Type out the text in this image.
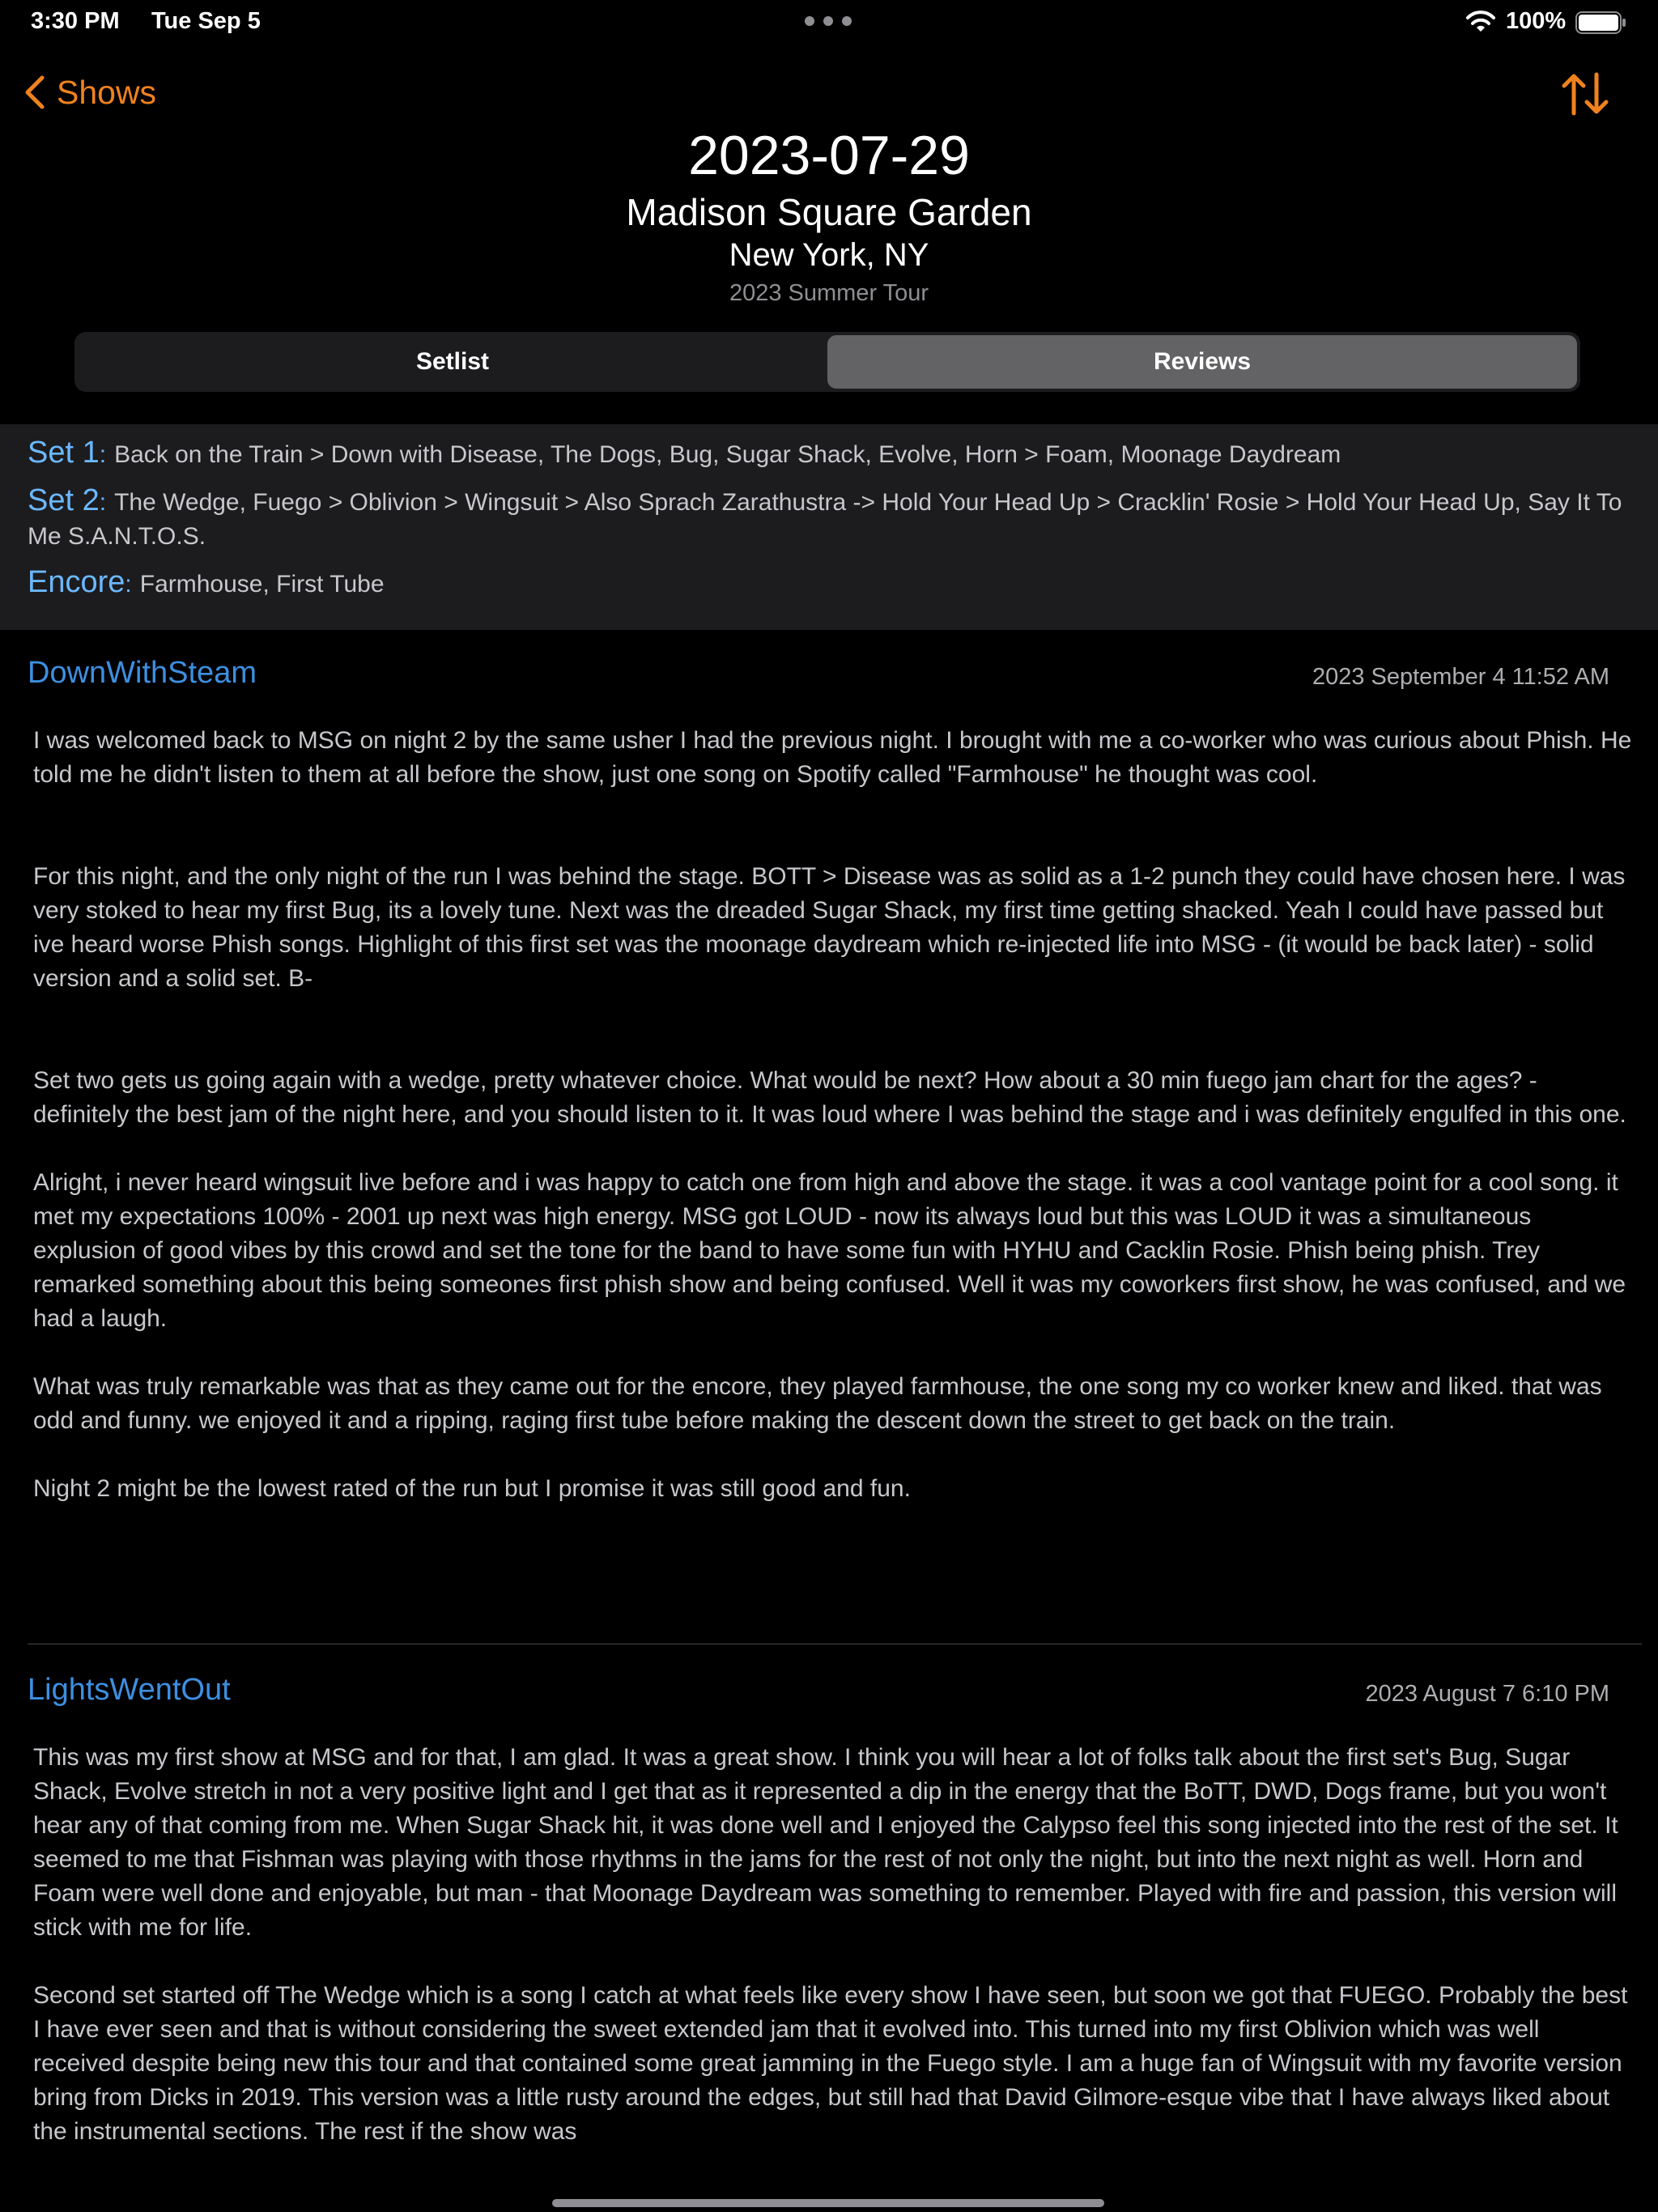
3:30 PM Tue Sep 5	100%
Shows
2023-07-29
Madison Square Garden
New York, NY
2023 Summer Tour
Setlist	Reviews
Set 1: Back on the Train > Down with Disease, The Dogs, Bug, Sugar Shack, Evolve, Horn > Foam, Moonage Daydream
Set 2: The Wedge, Fuego > Oblivion > Wingsuit > Also Sprach Zarathustra -> Hold Your Head Up > Cracklin' Rosie > Hold Your Head Up, Say It To Me S.A.N.T.O.S.
Encore: Farmhouse, First Tube
DownWithSteam	2023 September 4 11:52 AM

I was welcomed back to MSG on night 2 by the same usher I had the previous night. I brought with me a co-worker who was curious about Phish. He told me he didn't listen to them at all before the show, just one song on Spotify called "Farmhouse" he thought was cool.

For this night, and the only night of the run I was behind the stage. BOTT > Disease was as solid as a 1-2 punch they could have chosen here. I was very stoked to hear my first Bug, its a lovely tune. Next was the dreaded Sugar Shack, my first time getting shacked. Yeah I could have passed but ive heard worse Phish songs. Highlight of this first set was the moonage daydream which re-injected life into MSG - (it would be back later) - solid version and a solid set. B-

Set two gets us going again with a wedge, pretty whatever choice. What would be next? How about a 30 min fuego jam chart for the ages? - definitely the best jam of the night here, and you should listen to it. It was loud where I was behind the stage and i was definitely engulfed in this one.

Alright, i never heard wingsuit live before and i was happy to catch one from high and above the stage. it was a cool vantage point for a cool song. it met my expectations 100% - 2001 up next was high energy. MSG got LOUD - now its always loud but this was LOUD it was a simultaneous explusion of good vibes by this crowd and set the tone for the band to have some fun with HYHU and Cacklin Rosie. Phish being phish. Trey remarked something about this being someones first phish show and being confused. Well it was my coworkers first show, he was confused, and we had a laugh.

What was truly remarkable was that as they came out for the encore, they played farmhouse, the one song my co worker knew and liked. that was odd and funny. we enjoyed it and a ripping, raging first tube before making the descent down the street to get back on the train.

Night 2 might be the lowest rated of the run but I promise it was still good and fun.

LightsWentOut	2023 August 7 6:10 PM

This was my first show at MSG and for that, I am glad. It was a great show. I think you will hear a lot of folks talk about the first set's Bug, Sugar Shack, Evolve stretch in not a very positive light and I get that as it represented a dip in the energy that the BoTT, DWD, Dogs frame, but you won't hear any of that coming from me. When Sugar Shack hit, it was done well and I enjoyed the Calypso feel this song injected into the rest of the set. It seemed to me that Fishman was playing with those rhythms in the jams for the rest of not only the night, but into the next night as well. Horn and Foam were well done and enjoyable, but man - that Moonage Daydream was something to remember. Played with fire and passion, this version will stick with me for life.

Second set started off The Wedge which is a song I catch at what feels like every show I have seen, but soon we got that FUEGO. Probably the best I have ever seen and that is without considering the sweet extended jam that it evolved into. This turned into my first Oblivion which was well received despite being new this tour and that contained some great jamming in the Fuego style. I am a huge fan of Wingsuit with my favorite version bring from Dicks in 2019. This version was a little rusty around the edges, but still had that David Gilmore-esque vibe that I have always liked about the instrumental sections. The rest if the show was
